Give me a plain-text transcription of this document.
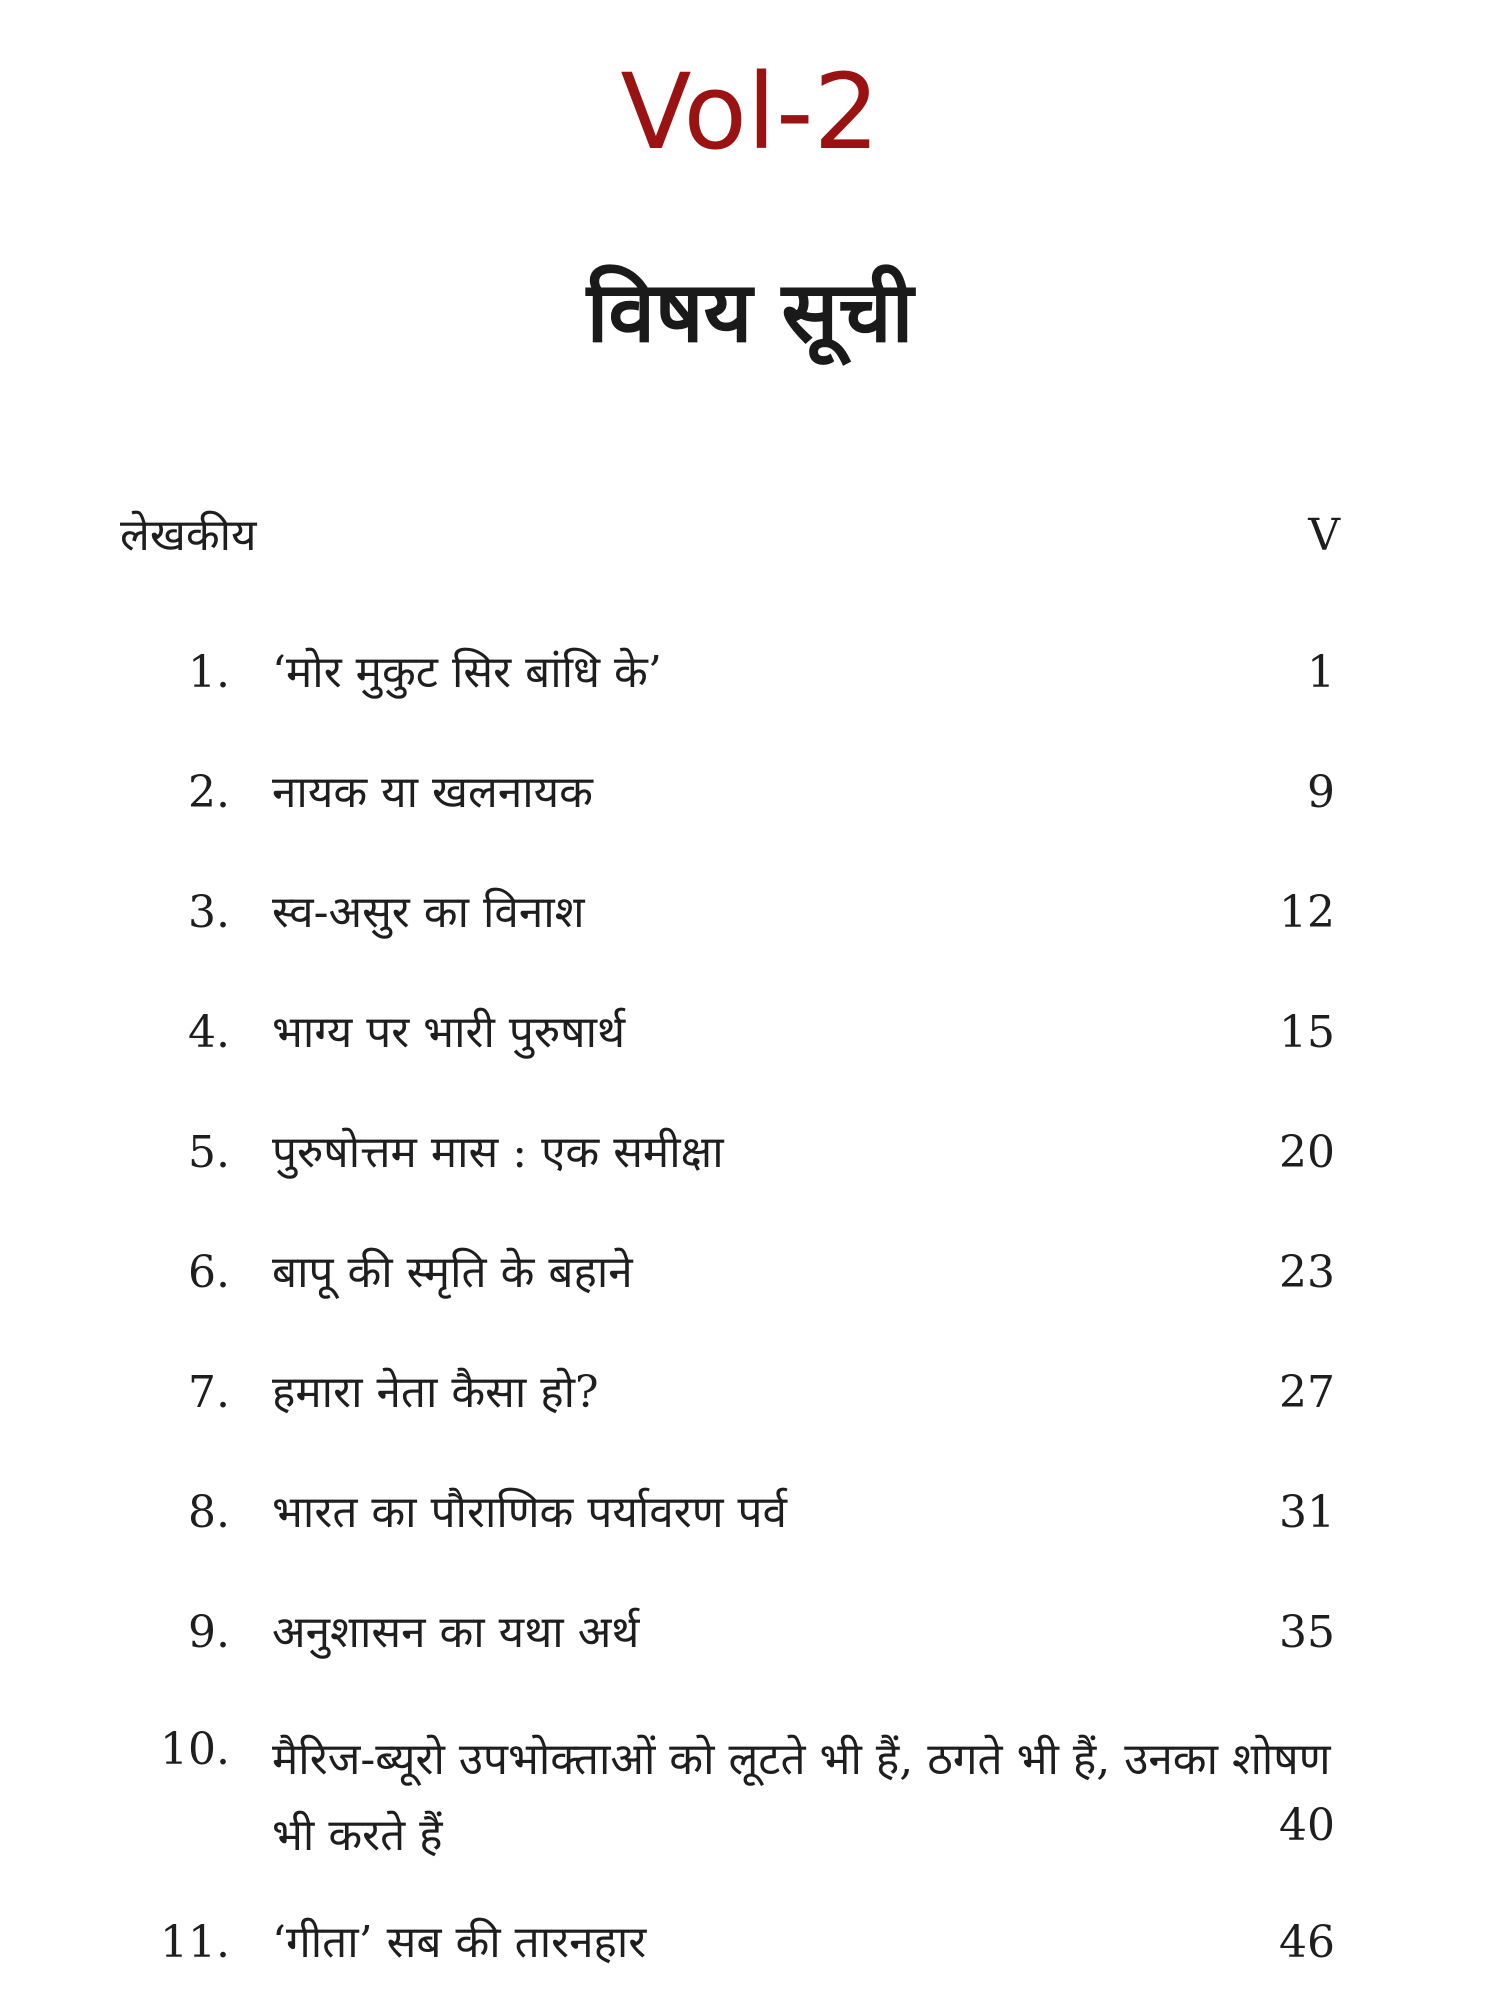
Vol-2
विषय सूची
लेखकीय	V
1. ‘मोर मुकुट सिर बांधि के’	1
2. नायक या खलनायक	9
3. स्व-असुर का विनाश	12
4. भाग्य पर भारी पुरुषार्थ	15
5. पुरुषोत्तम मास : एक समीक्षा	20
6. बापू की स्मृति के बहाने	23
7. हमारा नेता कैसा हो?	27
8. भारत का पौराणिक पर्यावरण पर्व	31
9. अनुशासन का यथा अर्थ	35
10. मैरिज-ब्यूरो उपभोक्ताओं को लूटते भी हैं, ठगते भी हैं, उनका शोषण भी करते हैं	40
11. ‘गीता’ सब की तारनहार	46
